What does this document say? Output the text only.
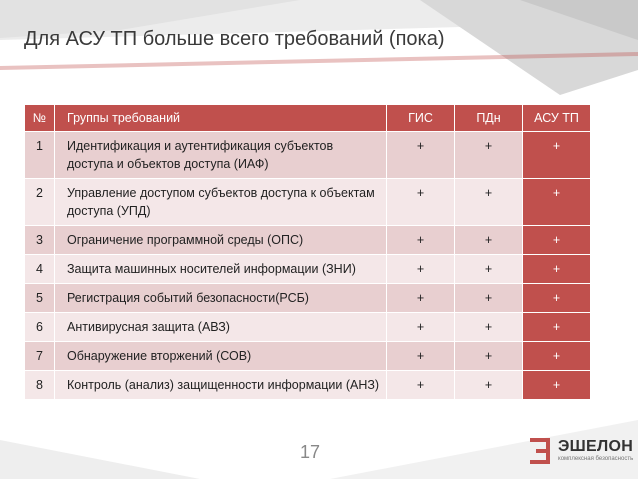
Для АСУ ТП больше всего требований (пока)
№	Группы требований	ГИС	ПДн	АСУ ТП
1	Идентификация и аутентификация субъектов доступа и объектов доступа (ИАФ)	+	+	+
2	Управление доступом субъектов доступа к объектам доступа (УПД)	+	+	+
3	Ограничение программной среды (ОПС)	+	+	+
4	Защита машинных носителей информации (ЗНИ)	+	+	+
5	Регистрация событий безопасности(РСБ)	+	+	+
6	Антивирусная защита (АВЗ)	+	+	+
7	Обнаружение вторжений (СОВ)	+	+	+
8	Контроль (анализ) защищенности информации (АНЗ)	+	+	+
17	ЭШЕЛОН
комплексная безопасность
